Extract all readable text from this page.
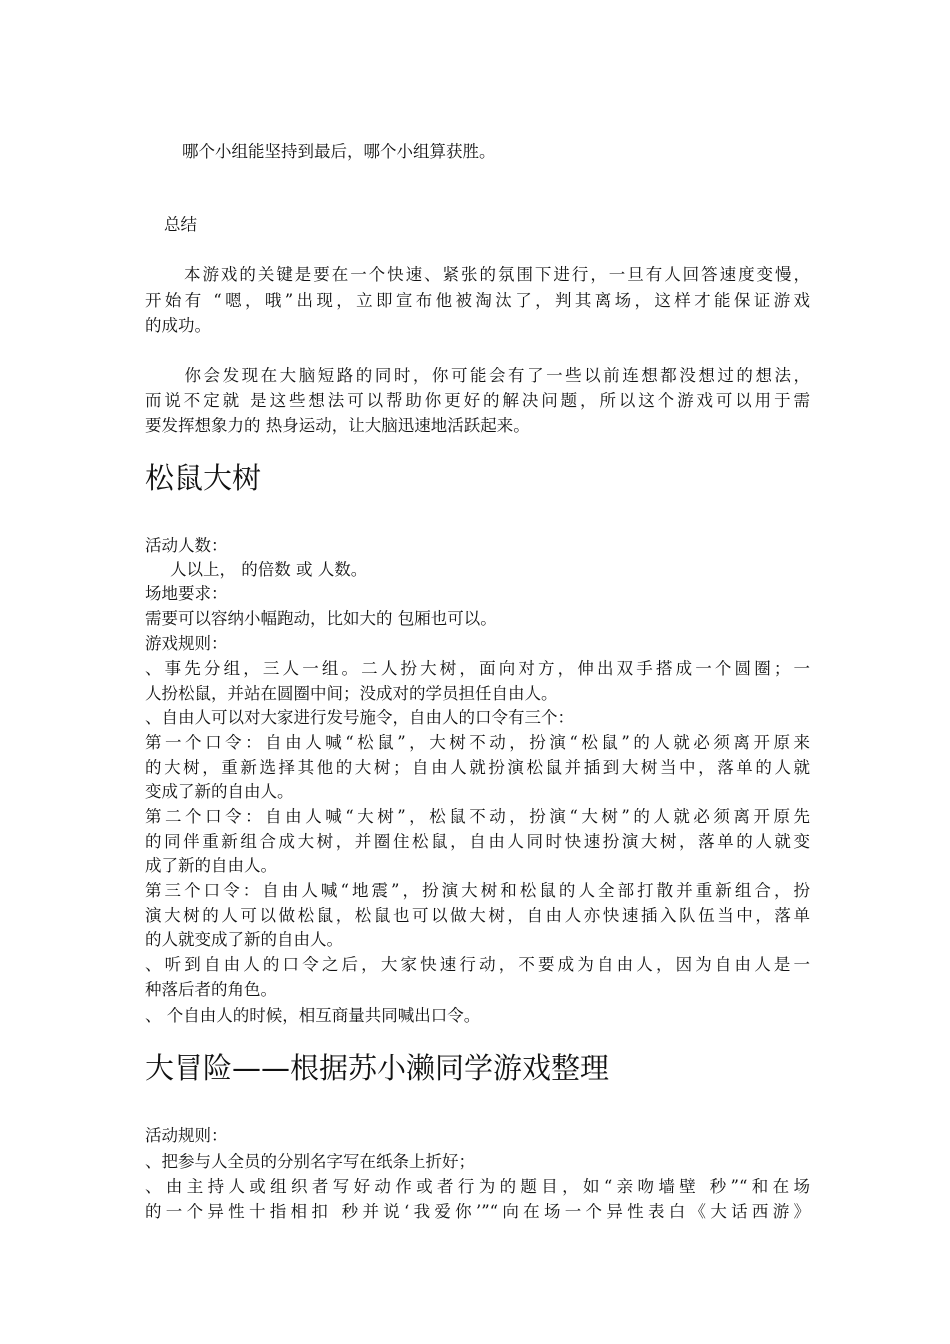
哪个小组能坚持到最后，哪个小组算获胜。
总结
本游戏的关键是要在一个快速、紧张的氛围下进行，一旦有人回答速度变慢，
开始有 “嗯，哦”出现，立即宣布他被淘汰了，判其离场，这样才能保证游戏
的成功。
你会发现在大脑短路的同时，你可能会有了一些以前连想都没想过的想法，
而说不定就 是这些想法可以帮助你更好的解决问题，所以这个游戏可以用于需
要发挥想象力的 热身运动，让大脑迅速地活跃起来。
松鼠大树
活动人数：
人以上， 的倍数 或 人数。
场地要求：
需要可以容纳小幅跑动，比如大的 包厢也可以。
游戏规则：
、事先分组，三人一组。二人扮大树，面向对方，伸出双手搭成一个圆圈；一
人扮松鼠，并站在圆圈中间；没成对的学员担任自由人。
、自由人可以对大家进行发号施令，自由人的口令有三个：
第一个口令：自由人喊“松鼠”，大树不动，扮演“松鼠”的人就必须离开原来
的大树，重新选择其他的大树；自由人就扮演松鼠并插到大树当中，落单的人就
变成了新的自由人。
第二个口令：自由人喊“大树”，松鼠不动，扮演“大树”的人就必须离开原先
的同伴重新组合成大树，并圈住松鼠，自由人同时快速扮演大树，落单的人就变
成了新的自由人。
第三个口令：自由人喊“地震”，扮演大树和松鼠的人全部打散并重新组合，扮
演大树的人可以做松鼠，松鼠也可以做大树，自由人亦快速插入队伍当中，落单
的人就变成了新的自由人。
、听到自由人的口令之后，大家快速行动，不要成为自由人，因为自由人是一
种落后者的角色。
、 个自由人的时候，相互商量共同喊出口令。
大冒险——根据苏小濑同学游戏整理
活动规则：
、把参与人全员的分别名字写在纸条上折好；
、由主持人或组织者写好动作或者行为的题目，如“亲吻墙壁 秒”“和在场
的一个异性十指相扣 秒并说‘我爱你’”“向在场一个异性表白《大话西游》
